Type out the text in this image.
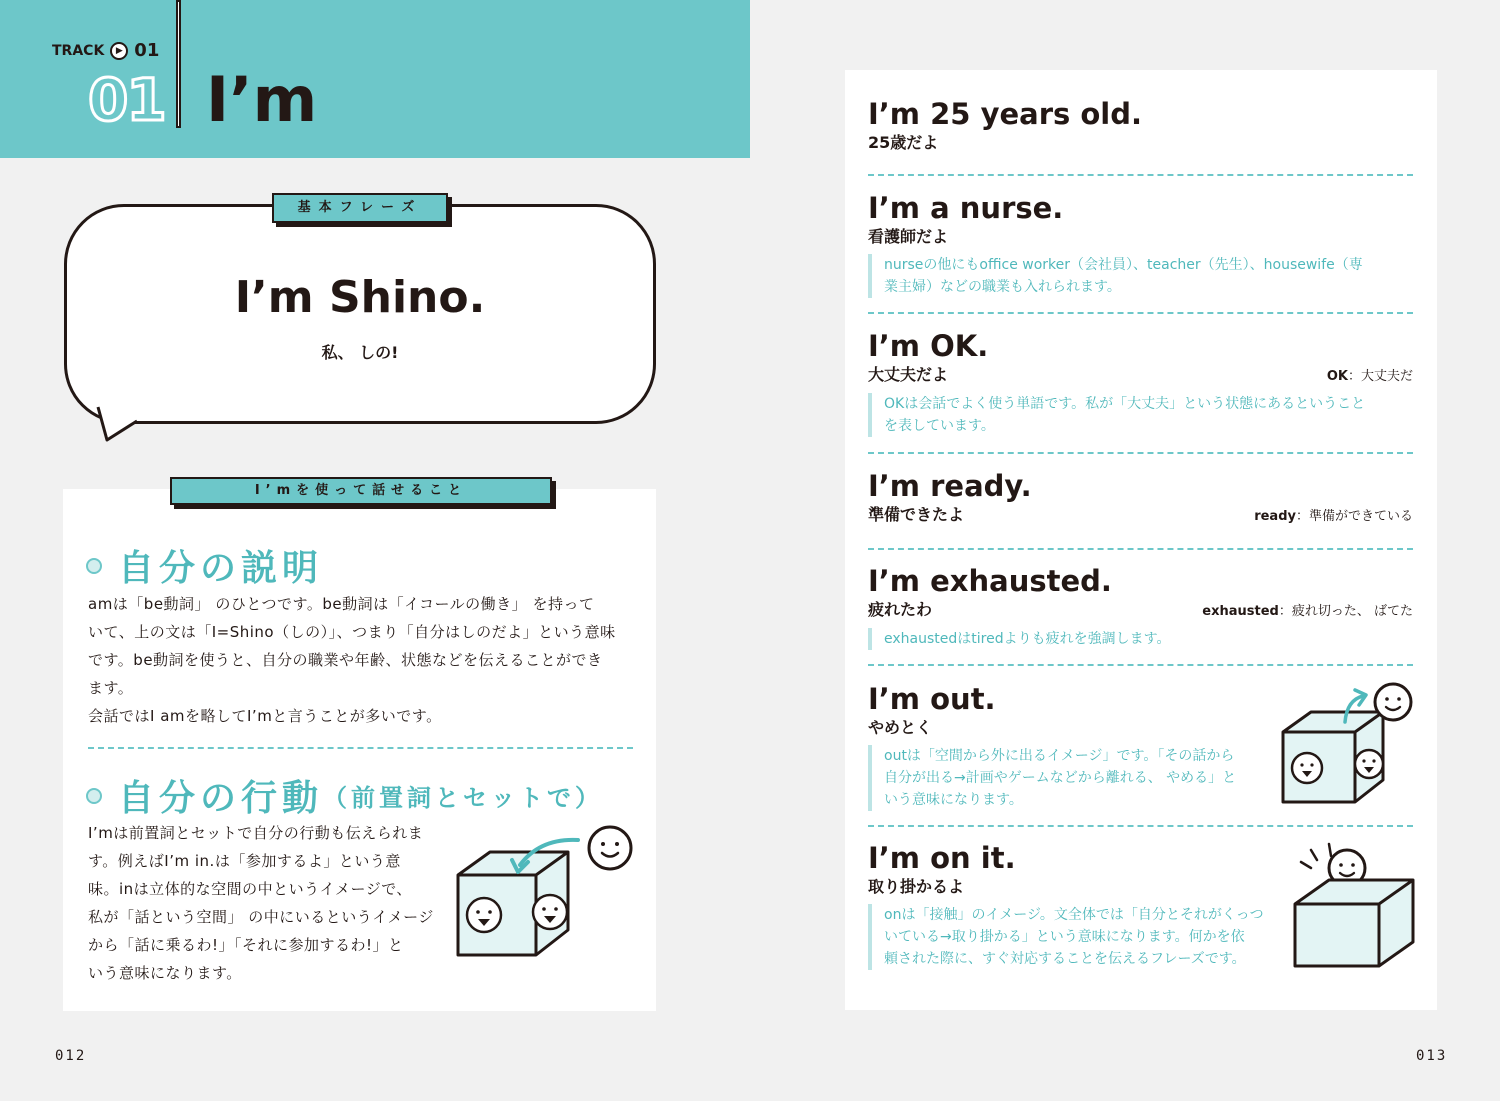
TRACK	▶ 01
01 I’m
基本フレーズ
I’m Shino.
私、 しの!
I’mを使って話せること
自分の説明
amは「be動詞」 のひとつです。be動詞は「イコールの働き」 を持って
いて、上の文は「I=Shino（しの）」、つまり「自分はしのだよ」という意味
です。be動詞を使うと、自分の職業や年齢、状態などを伝えることができ
ます。
会話ではI amを略してI’mと言うことが多いです。
自分の行動 （前置詞とセットで）
I’mは前置詞とセットで自分の行動も伝えられま
す。例えばI’m in.は「参加するよ」という意
味。inは立体的な空間の中というイメージで、
私が「話という空間」 の中にいるというイメージ
から「話に乗るわ!」「それに参加するわ!」と
いう意味になります。
012
I’m 25 years old.
25歳だよ
I’m a nurse.
看護師だよ
nurseの他にもoffice worker（会社員）、teacher（先生）、housewife（専
業主婦）などの職業も入れられます。
I’m OK.
大丈夫だよ	OK：大丈夫だ
OKは会話でよく使う単語です。私が「大丈夫」という状態にあるということ
を表しています。
I’m ready.
準備できたよ	ready：準備ができている
I’m exhausted.
疲れたわ	exhausted：疲れ切った、 ばてた
exhaustedはtiredよりも疲れを強調します。
I’m out.
やめとく
outは「空間から外に出るイメージ」です。「その話から
自分が出る→計画やゲームなどから離れる、 やめる」と
いう意味になります。
I’m on it.
取り掛かるよ
onは「接触」のイメージ。文全体では「自分とそれがくっつ
いている→取り掛かる」という意味になります。何かを依
頼された際に、すぐ対応することを伝えるフレーズです。
013
